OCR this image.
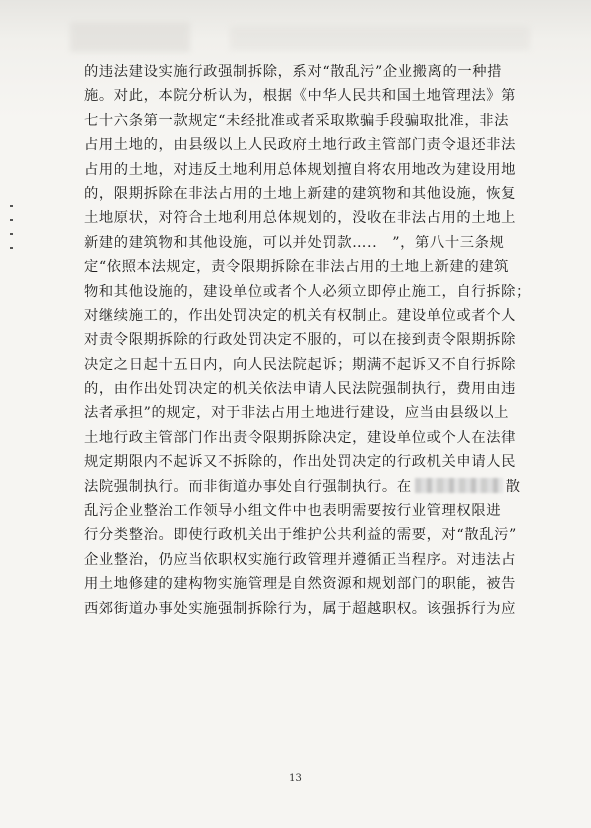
的违法建设实施行政强制拆除，系对“散乱污”企业搬离的一种措
施。对此，本院分析认为，根据《中华人民共和国土地管理法》第
七十六条第一款规定“未经批准或者采取欺骗手段骗取批准，非法
占用土地的，由县级以上人民政府土地行政主管部门责令退还非法
占用的土地，对违反土地利用总体规划擅自将农用地改为建设用地
的，限期拆除在非法占用的土地上新建的建筑物和其他设施，恢复
土地原状，对符合土地利用总体规划的，没收在非法占用的土地上
新建的建筑物和其他设施，可以并处罚款…..　”，第八十三条规
定“依照本法规定，责令限期拆除在非法占用的土地上新建的建筑
物和其他设施的，建设单位或者个人必须立即停止施工，自行拆除；
对继续施工的，作出处罚决定的机关有权制止。建设单位或者个人
对责令限期拆除的行政处罚决定不服的，可以在接到责令限期拆除
决定之日起十五日内，向人民法院起诉；期满不起诉又不自行拆除
的，由作出处罚决定的机关依法申请人民法院强制执行，费用由违
法者承担”的规定，对于非法占用土地进行建设，应当由县级以上
土地行政主管部门作出责令限期拆除决定，建设单位或个人在法律
规定期限内不起诉又不拆除的，作出处罚决定的行政机关申请人民
法院强制执行。而非街道办事处自行强制执行。在	散
乱污企业整治工作领导小组文件中也表明需要按行业管理权限进
行分类整治。即使行政机关出于维护公共利益的需要，对“散乱污”
企业整治，仍应当依职权实施行政管理并遵循正当程序。对违法占
用土地修建的建构物实施管理是自然资源和规划部门的职能，被告
西郊街道办事处实施强制拆除行为，属于超越职权。该强拆行为应
13
